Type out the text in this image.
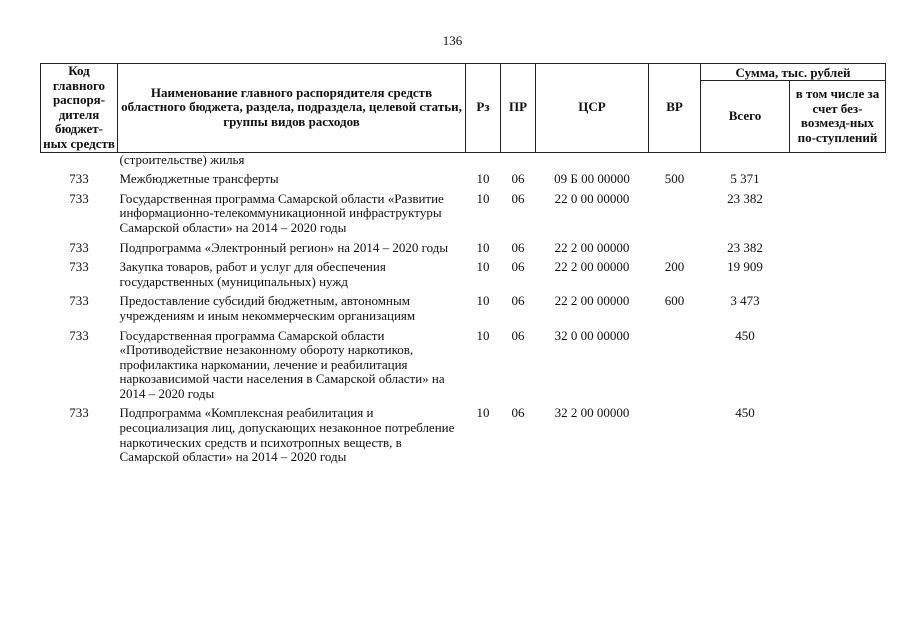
136
Код главного распоря-дителя бюджет-ных средств	Наименование главного распорядителя средств областного бюджета, раздела, подраздела, целевой статьи, группы видов расходов	Рз	ПР	ЦСР	ВР	Сумма, тыс. рублей	
						Всего	в том числе за счет без-возмезд-ных по-ступлений
	(строительстве) жилья						
733	Межбюджетные трансферты	10	06	09 Б 00 00000	500	5 371	
733	Государственная программа Самарской области «Развитие информационно-телекоммуникационной инфраструктуры Самарской области» на 2014 – 2020 годы	10	06	22 0 00 00000		23 382	
733	Подпрограмма «Электронный регион» на 2014 – 2020 годы	10	06	22 2 00 00000		23 382	
733	Закупка товаров, работ и услуг для обеспечения государственных (муниципальных) нужд	10	06	22 2 00 00000	200	19 909	
733	Предоставление субсидий бюджетным, автономным учреждениям и иным некоммерческим организациям	10	06	22 2 00 00000	600	3 473	
733	Государственная программа Самарской области «Противодействие незаконному обороту наркотиков, профилактика наркомании, лечение и реабилитация наркозависимой части населения в Самарской области» на 2014 – 2020 годы	10	06	32 0 00 00000		450	
733	Подпрограмма «Комплексная реабилитация и ресоциализация лиц, допускающих незаконное потребление наркотических средств и психотропных веществ, в Самарской области» на 2014 – 2020 годы	10	06	32 2 00 00000		450	
